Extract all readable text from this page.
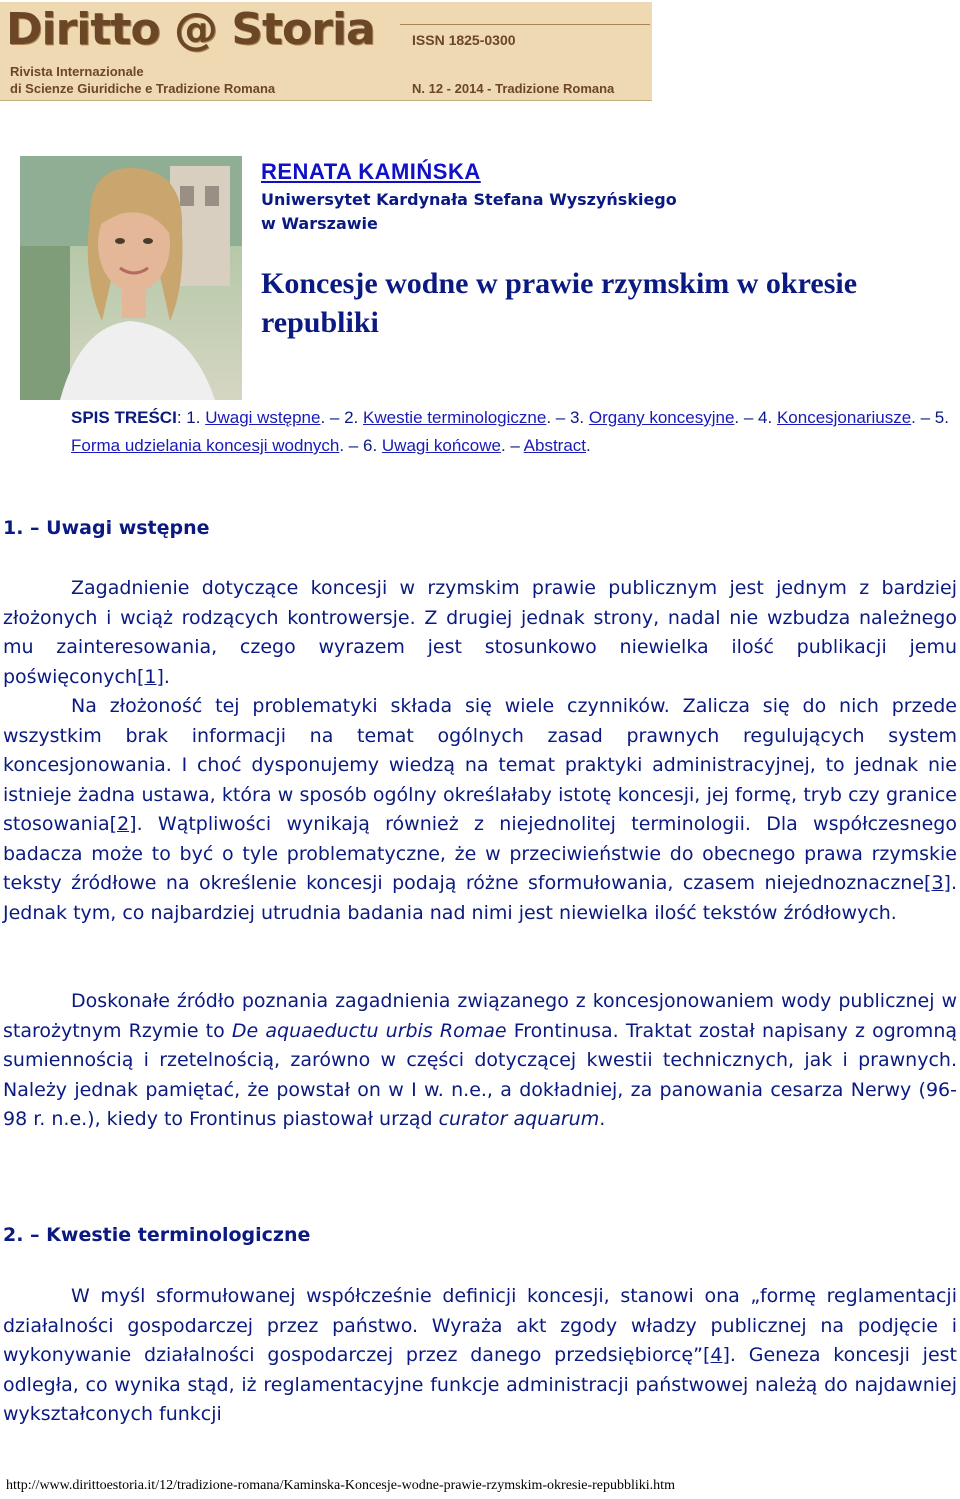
Diritto @ Storia	ISSN 1825-0300
Rivista Internazionale
di Scienze Giuridiche e Tradizione Romana	N. 12 - 2014 - Tradizione Romana
RENATA KAMIŃSKA
Uniwersytet Kardynała Stefana Wyszyńskiego
w Warszawie
Koncesje wodne w prawie rzymskim w okresie republiki
SPIS TREŚCI: 1. Uwagi wstępne. – 2. Kwestie terminologiczne. – 3. Organy koncesyjne. – 4. Koncesjonariusze. – 5. Forma udzielania koncesji wodnych. – 6. Uwagi końcowe. – Abstract.
1. – Uwagi wstępne

Zagadnienie dotyczące koncesji w rzymskim prawie publicznym jest jednym z bardziej złożonych i wciąż rodzących kontrowersje. Z drugiej jednak strony, nadal nie wzbudza należnego mu zainteresowania, czego wyrazem jest stosunkowo niewielka ilość publikacji jemu poświęconych[1].

Na złożoność tej problematyki składa się wiele czynników. Zalicza się do nich przede wszystkim brak informacji na temat ogólnych zasad prawnych regulujących system koncesjonowania. I choć dysponujemy wiedzą na temat praktyki administracyjnej, to jednak nie istnieje żadna ustawa, która w sposób ogólny określałaby istotę koncesji, jej formę, tryb czy granice stosowania[2]. Wątpliwości wynikają również z niejednolitej terminologii. Dla współczesnego badacza może to być o tyle problematyczne, że w przeciwieństwie do obecnego prawa rzymskie teksty źródłowe na określenie koncesji podają różne sformułowania, czasem niejednoznaczne[3]. Jednak tym, co najbardziej utrudnia badania nad nimi jest niewielka ilość tekstów źródłowych.

Doskonałe źródło poznania zagadnienia związanego z koncesjonowaniem wody publicznej w starożytnym Rzymie to De aquaeductu urbis Romae Frontinusa. Traktat został napisany z ogromną sumiennością i rzetelnością, zarówno w części dotyczącej kwestii technicznych, jak i prawnych. Należy jednak pamiętać, że powstał on w I w. n.e., a dokładniej, za panowania cesarza Nerwy (96-98 r. n.e.), kiedy to Frontinus piastował urząd curator aquarum.

2. – Kwestie terminologiczne

W myśl sformułowanej współcześnie definicji koncesji, stanowi ona „formę reglamentacji działalności gospodarczej przez państwo. Wyraża akt zgody władzy publicznej na podjęcie i wykonywanie działalności gospodarczej przez danego przedsiębiorcę”[4]. Geneza koncesji jest odległa, co wynika stąd, iż reglamentacyjne funkcje administracji państwowej należą do najdawniej wykształconych funkcji

http://www.dirittoestoria.it/12/tradizione-romana/Kaminska-Koncesje-wodne-prawie-rzymskim-okresie-repubbliki.htm
